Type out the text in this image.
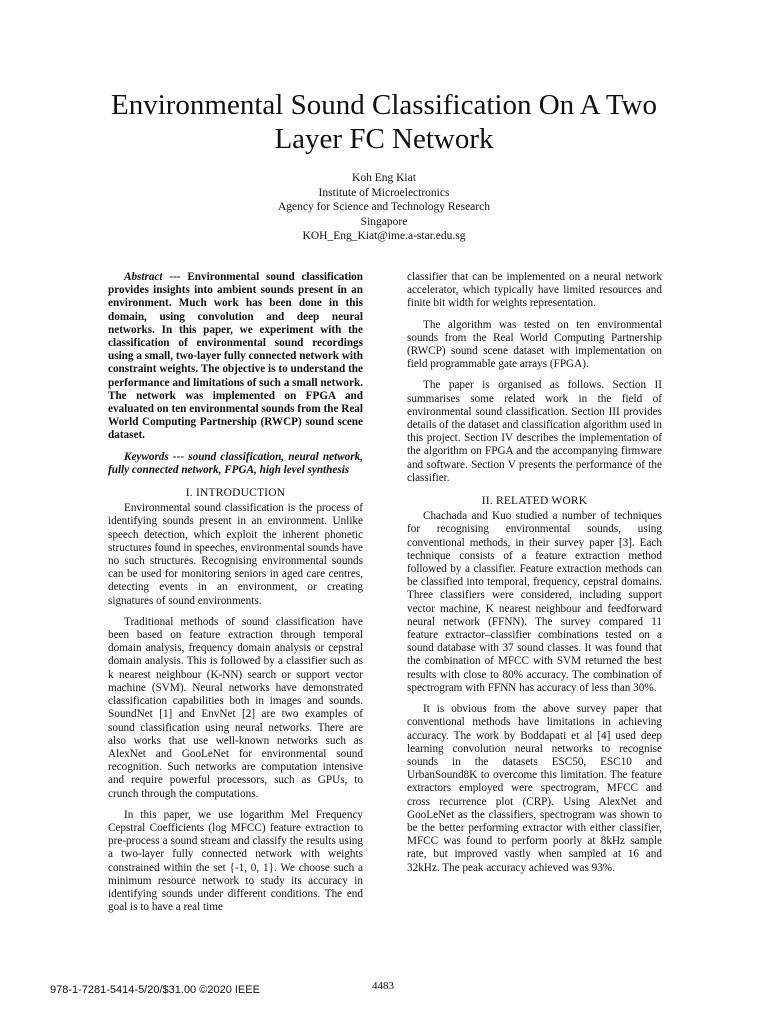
Environmental Sound Classification On A Two
Layer FC Network
Koh Eng Kiat
Institute of Microelectronics
Agency for Science and Technology Research
Singapore
KOH_Eng_Kiat@ime.a-star.edu.sg

Abstract --- Environmental sound classification provides insights into ambient sounds present in an environment. Much work has been done in this domain, using convolution and deep neural networks. In this paper, we experiment with the classification of environmental sound recordings using a small, two-layer fully connected network with constraint weights. The objective is to understand the performance and limitations of such a small network. The network was implemented on FPGA and evaluated on ten environmental sounds from the Real World Computing Partnership (RWCP) sound scene dataset.

Keywords --- sound classification, neural network, fully connected network, FPGA, high level synthesis

I. INTRODUCTION

Environmental sound classification is the process of identifying sounds present in an environment. Unlike speech detection, which exploit the inherent phonetic structures found in speeches, environmental sounds have no such structures. Recognising environmental sounds can be used for monitoring seniors in aged care centres, detecting events in an environment, or creating signatures of sound environments.

Traditional methods of sound classification have been based on feature extraction through temporal domain analysis, frequency domain analysis or cepstral domain analysis. This is followed by a classifier such as k nearest neighbour (K-NN) search or support vector machine (SVM). Neural networks have demonstrated classification capabilities both in images and sounds. SoundNet [1] and EnvNet [2] are two examples of sound classification using neural networks. There are also works that use well-known networks such as AlexNet and GooLeNet for environmental sound recognition. Such networks are computation intensive and require powerful processors, such as GPUs, to crunch through the computations.

In this paper, we use logarithm Mel Frequency Cepstral Coefficients (log MFCC) feature extraction to pre-process a sound stream and classify the results using a two-layer fully connected network with weights constrained within the set {-1, 0, 1}. We choose such a minimum resource network to study its accuracy in identifying sounds under different conditions. The end goal is to have a real time

classifier that can be implemented on a neural network accelerator, which typically have limited resources and finite bit width for weights representation.

The algorithm was tested on ten environmental sounds from the Real World Computing Partnership (RWCP) sound scene dataset with implementation on field programmable gate arrays (FPGA).

The paper is organised as follows. Section II summarises some related work in the field of environmental sound classification. Section III provides details of the dataset and classification algorithm used in this project. Section IV describes the implementation of the algorithm on FPGA and the accompanying firmware and software. Section V presents the performance of the classifier.

II. RELATED WORK

Chachada and Kuo studied a number of techniques for recognising environmental sounds, using conventional methods, in their survey paper [3]. Each technique consists of a feature extraction method followed by a classifier. Feature extraction methods can be classified into temporal, frequency, cepstral domains. Three classifiers were considered, including support vector machine, K nearest neighbour and feedforward neural network (FFNN). The survey compared 11 feature extractor–classifier combinations tested on a sound database with 37 sound classes. It was found that the combination of MFCC with SVM returned the best results with close to 80% accuracy. The combination of spectrogram with FFNN has accuracy of less than 30%.

It is obvious from the above survey paper that conventional methods have limitations in achieving accuracy. The work by Boddapati et al [4] used deep learning convolution neural networks to recognise sounds in the datasets ESC50, ESC10 and UrbanSound8K to overcome this limitation. The feature extractors employed were spectrogram, MFCC and cross recurrence plot (CRP). Using AlexNet and GooLeNet as the classifiers, spectrogram was shown to be the better performing extractor with either classifier, MFCC was found to perform poorly at 8kHz sample rate, but improved vastly when sampled at 16 and 32kHz. The peak accuracy achieved was 93%.

978-1-7281-5414-5/20/$31.00 ©2020 IEEE	4483
